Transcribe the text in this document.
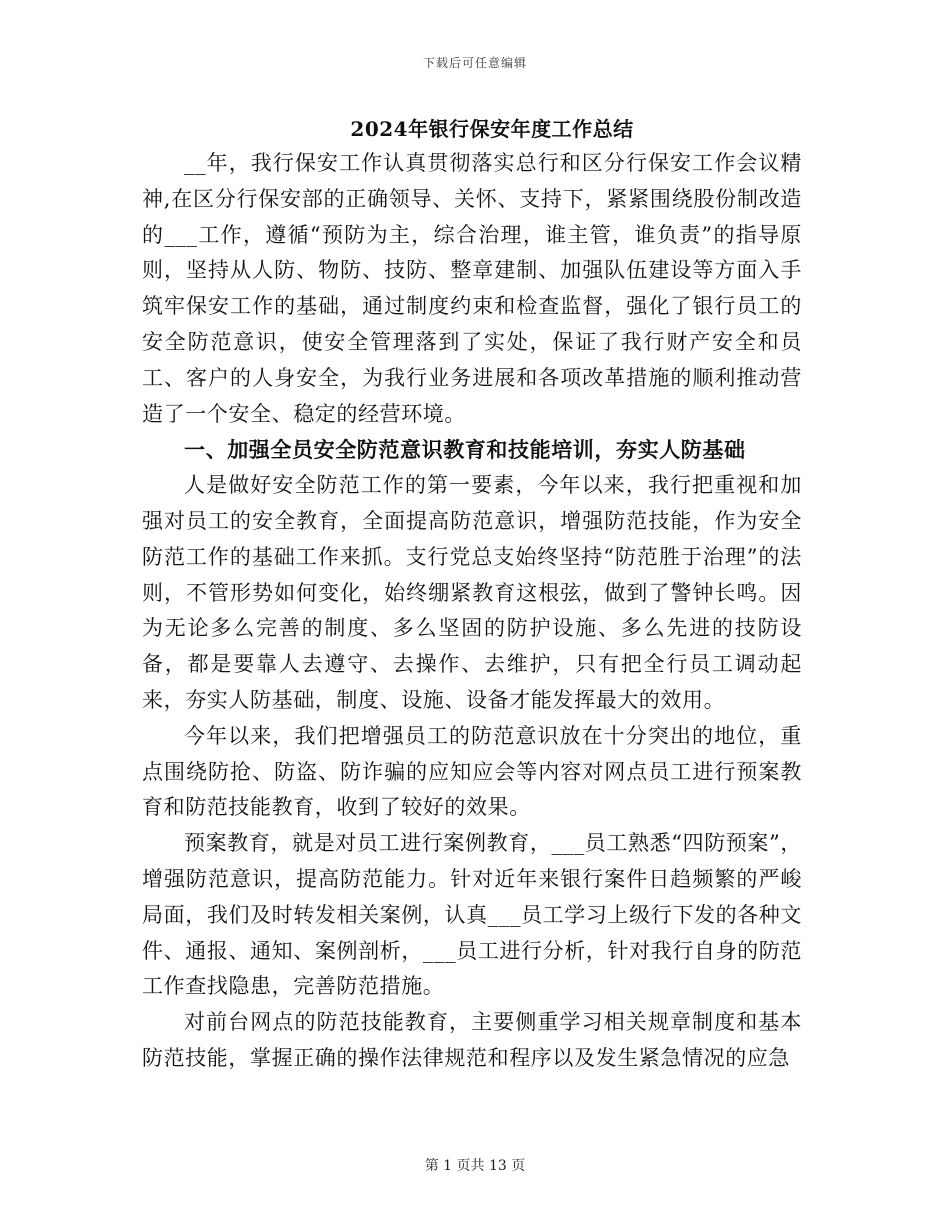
下载后可任意编辑
2024年银行保安年度工作总结

__年，我行保安工作认真贯彻落实总行和区分行保安工作会议精神,在区分行保安部的正确领导、关怀、支持下，紧紧围绕股份制改造的___工作，遵循“预防为主，综合治理，谁主管，谁负责”的指导原则，坚持从人防、物防、技防、整章建制、加强队伍建设等方面入手筑牢保安工作的基础，通过制度约束和检查监督，强化了银行员工的安全防范意识，使安全管理落到了实处，保证了我行财产安全和员工、客户的人身安全，为我行业务进展和各项改革措施的顺利推动营造了一个安全、稳定的经营环境。

一、加强全员安全防范意识教育和技能培训，夯实人防基础

人是做好安全防范工作的第一要素，今年以来，我行把重视和加强对员工的安全教育，全面提高防范意识，增强防范技能，作为安全防范工作的基础工作来抓。支行党总支始终坚持“防范胜于治理”的法则，不管形势如何变化，始终绷紧教育这根弦，做到了警钟长鸣。因为无论多么完善的制度、多么坚固的防护设施、多么先进的技防设备，都是要靠人去遵守、去操作、去维护，只有把全行员工调动起来，夯实人防基础，制度、设施、设备才能发挥最大的效用。

今年以来，我们把增强员工的防范意识放在十分突出的地位，重点围绕防抢、防盗、防诈骗的应知应会等内容对网点员工进行预案教育和防范技能教育，收到了较好的效果。

预案教育，就是对员工进行案例教育，___员工熟悉“四防预案”，增强防范意识，提高防范能力。针对近年来银行案件日趋频繁的严峻局面，我们及时转发相关案例，认真___员工学习上级行下发的各种文件、通报、通知、案例剖析，___员工进行分析，针对我行自身的防范工作查找隐患，完善防范措施。

对前台网点的防范技能教育，主要侧重学习相关规章制度和基本防范技能，掌握正确的操作法律规范和程序以及发生紧急情况的应急

第 1 页共 13 页
